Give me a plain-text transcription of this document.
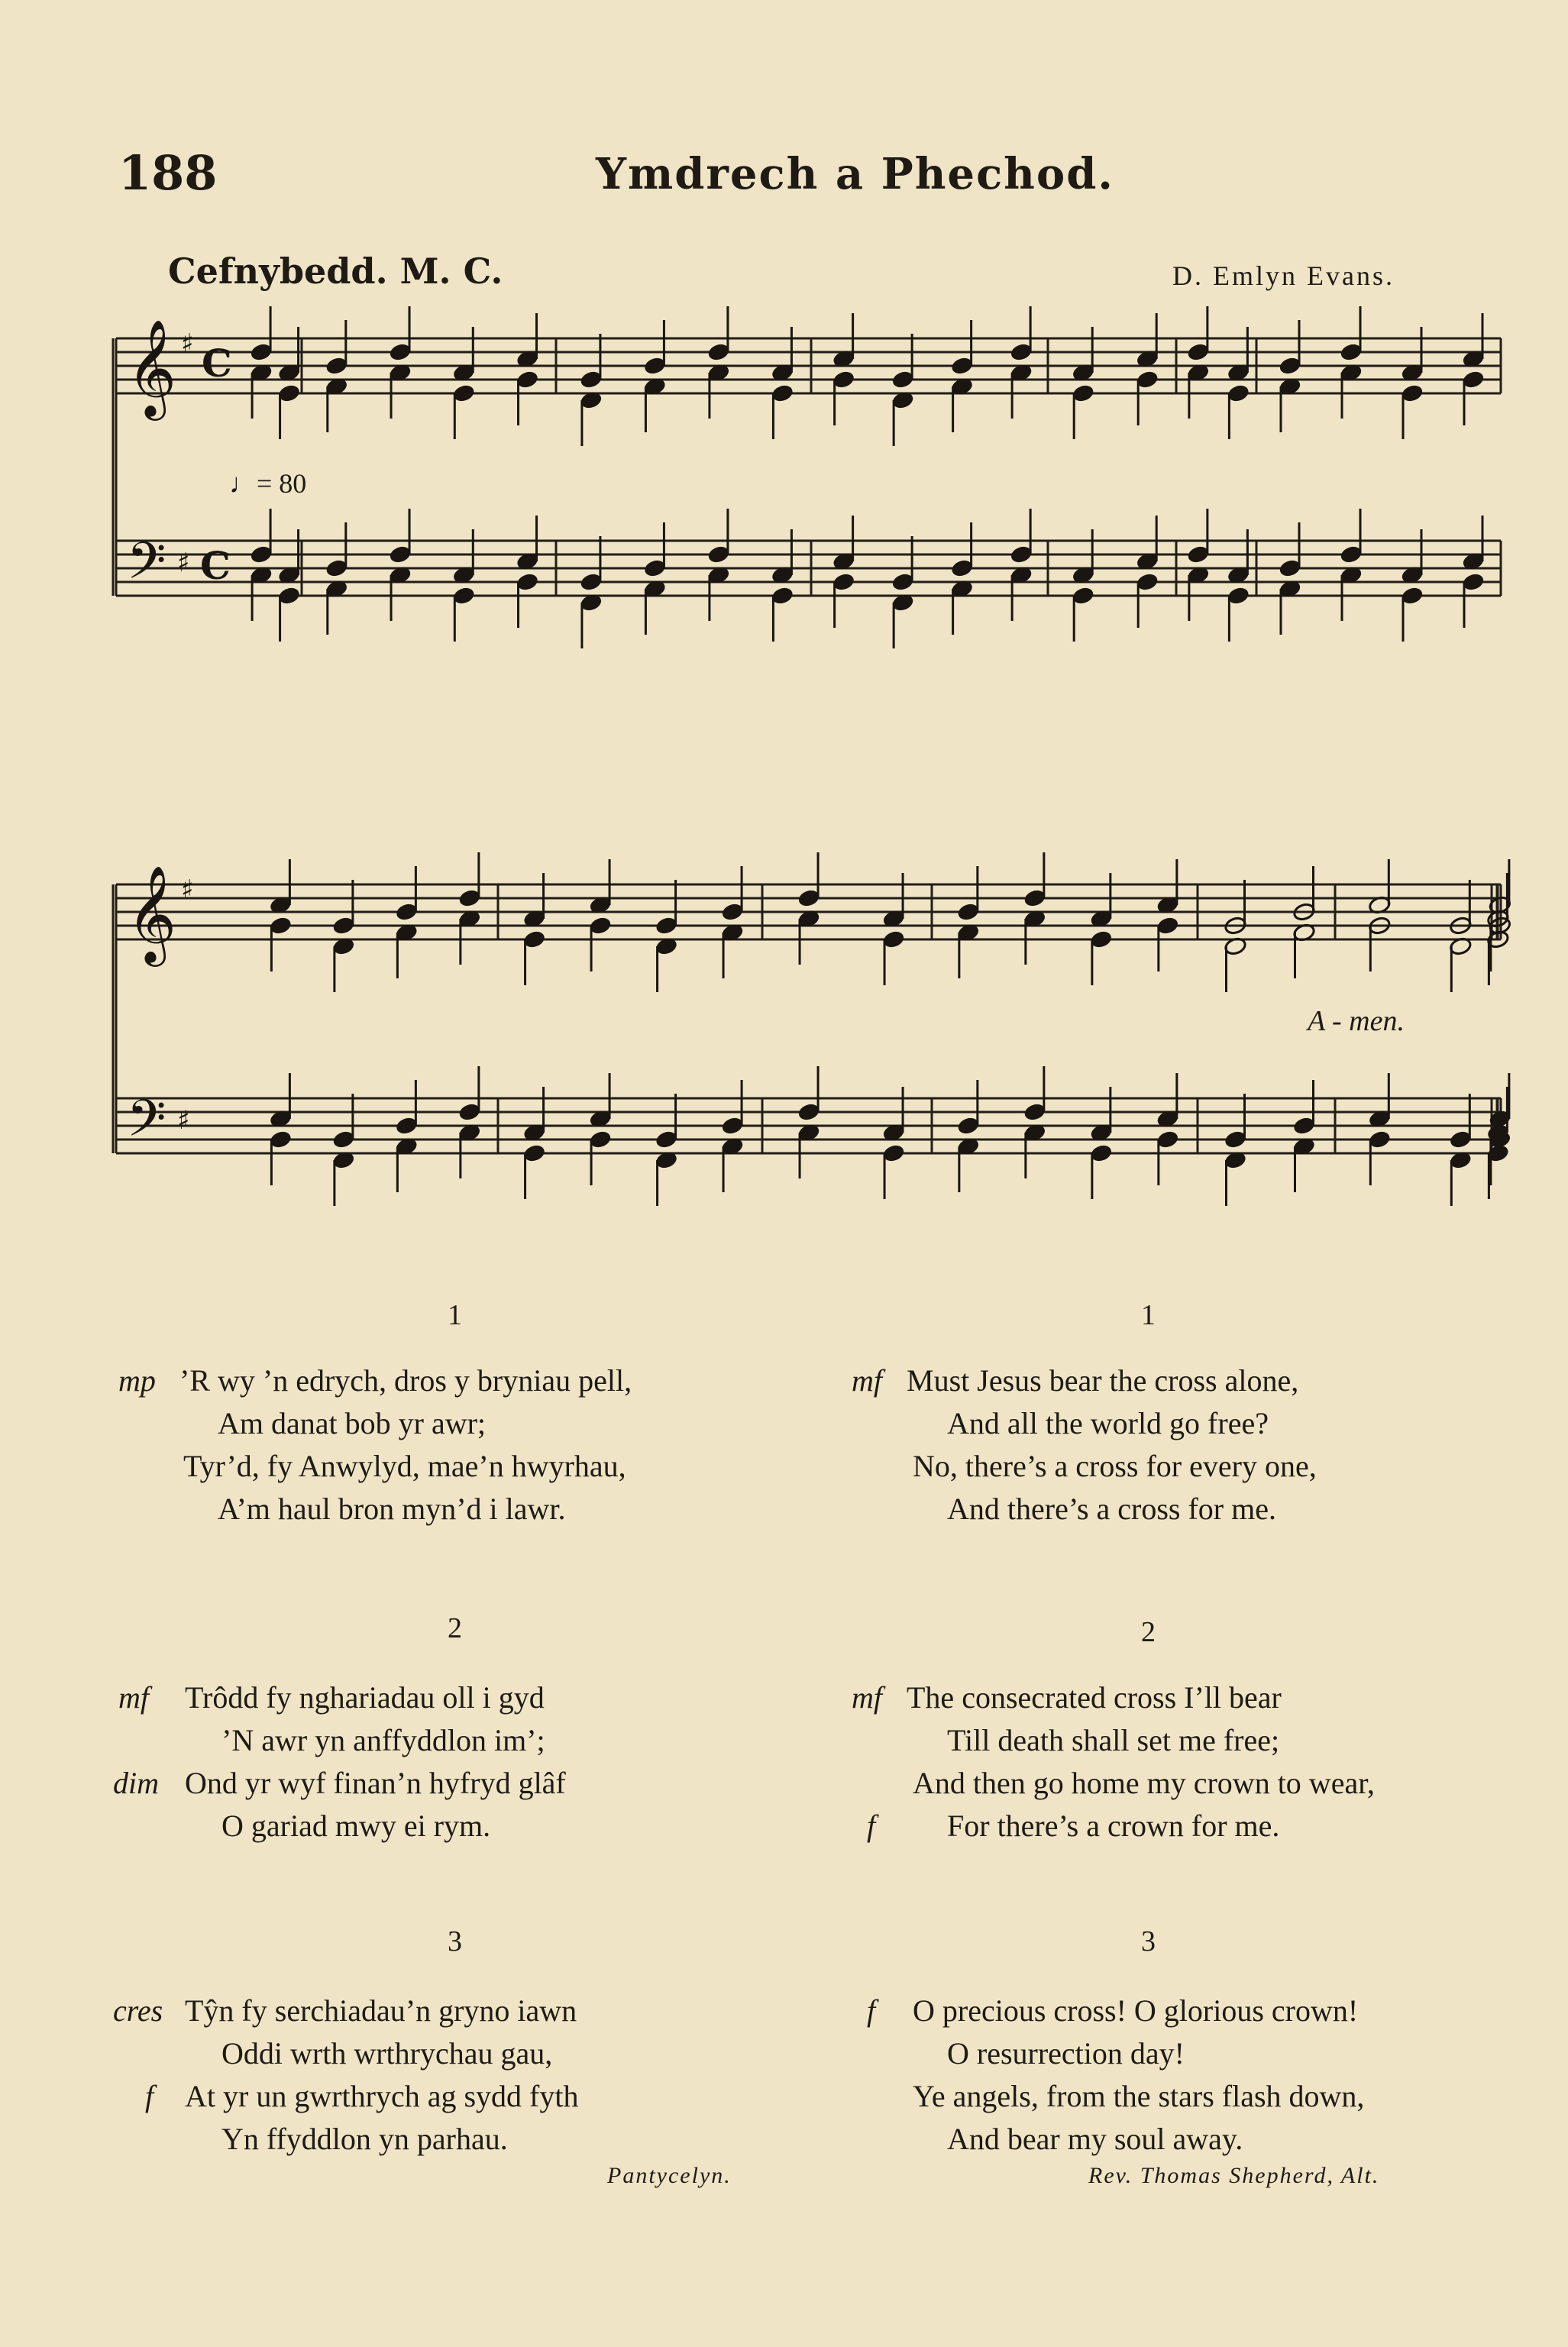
188	Ymdrech a Phechod.
Cefnybedd. M. C.	D. Emlyn Evans.
♩= 80
𝄞
𝄢
♯
♯
C
C
𝄞
𝄢
♯
♯
A - men.
1
mp ’R wy ’n edrych, dros y bryniau pell,
Am danat bob yr awr;
Tyr’d, fy Anwylyd, mae’n hwyrhau,
A’m haul bron myn’d i lawr.
2
mf Trôdd fy nghariadau oll i gyd
’N awr yn anffyddlon im’;
dim Ond yr wyf finan’n hyfryd glâf
O gariad mwy ei rym.
3
cres Tŷn fy serchiadau’n gryno iawn
Oddi wrth wrthrychau gau,
f At yr un gwrthrych ag sydd fyth
Yn ffyddlon yn parhau.
Pantycelyn.
1
mf Must Jesus bear the cross alone,
And all the world go free?
No, there’s a cross for every one,
And there’s a cross for me.
2
mf The consecrated cross I’ll bear
Till death shall set me free;
And then go home my crown to wear,
f For there’s a crown for me.
3
f O precious cross! O glorious crown!
O resurrection day!
Ye angels, from the stars flash down,
And bear my soul away.
Rev. Thomas Shepherd, Alt.
